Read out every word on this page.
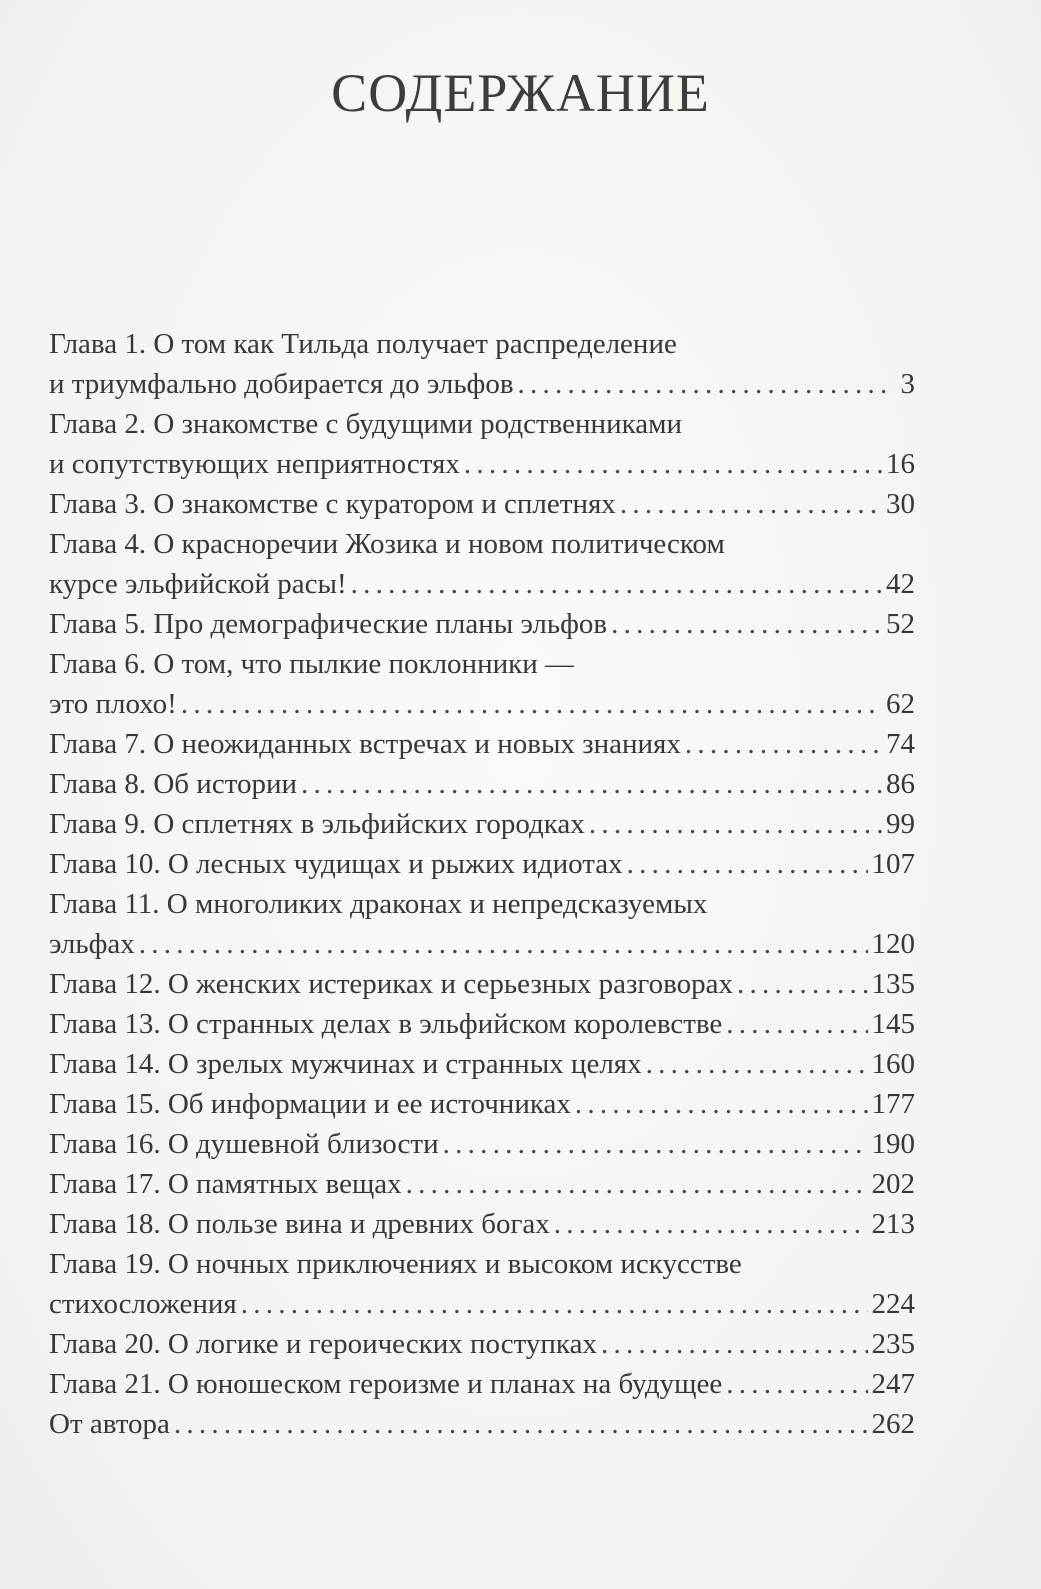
СОДЕРЖАНИЕ
Глава 1. О том как Тильда получает распределение
и триумфально добирается до эльфов . . .	3
Глава 2. О знакомстве с будущими родственниками
и сопутствующих неприятностях . . .	16
Глава 3. О знакомстве с куратором и сплетнях . . .	30
Глава 4. О красноречии Жозика и новом политическом
курсе эльфийской расы! . . .	42
Глава 5. Про демографические планы эльфов . . .	52
Глава 6. О том, что пылкие поклонники —
это плохо! . . .	62
Глава 7. О неожиданных встречах и новых знаниях . . .	74
Глава 8. Об истории . . .	86
Глава 9. О сплетнях в эльфийских городках . . .	99
Глава 10. О лесных чудищах и рыжих идиотах . . .	107
Глава 11. О многоликих драконах и непредсказуемых
эльфах . . .	120
Глава 12. О женских истериках и серьезных разговорах . . .	135
Глава 13. О странных делах в эльфийском королевстве . . .	145
Глава 14. О зрелых мужчинах и странных целях . . .	160
Глава 15. Об информации и ее источниках . . .	177
Глава 16. О душевной близости . . .	190
Глава 17. О памятных вещах . . .	202
Глава 18. О пользе вина и древних богах . . .	213
Глава 19. О ночных приключениях и высоком искусстве
стихосложения . . .	224
Глава 20. О логике и героических поступках . . .	235
Глава 21. О юношеском героизме и планах на будущее . . .	247
От автора . . .	262
